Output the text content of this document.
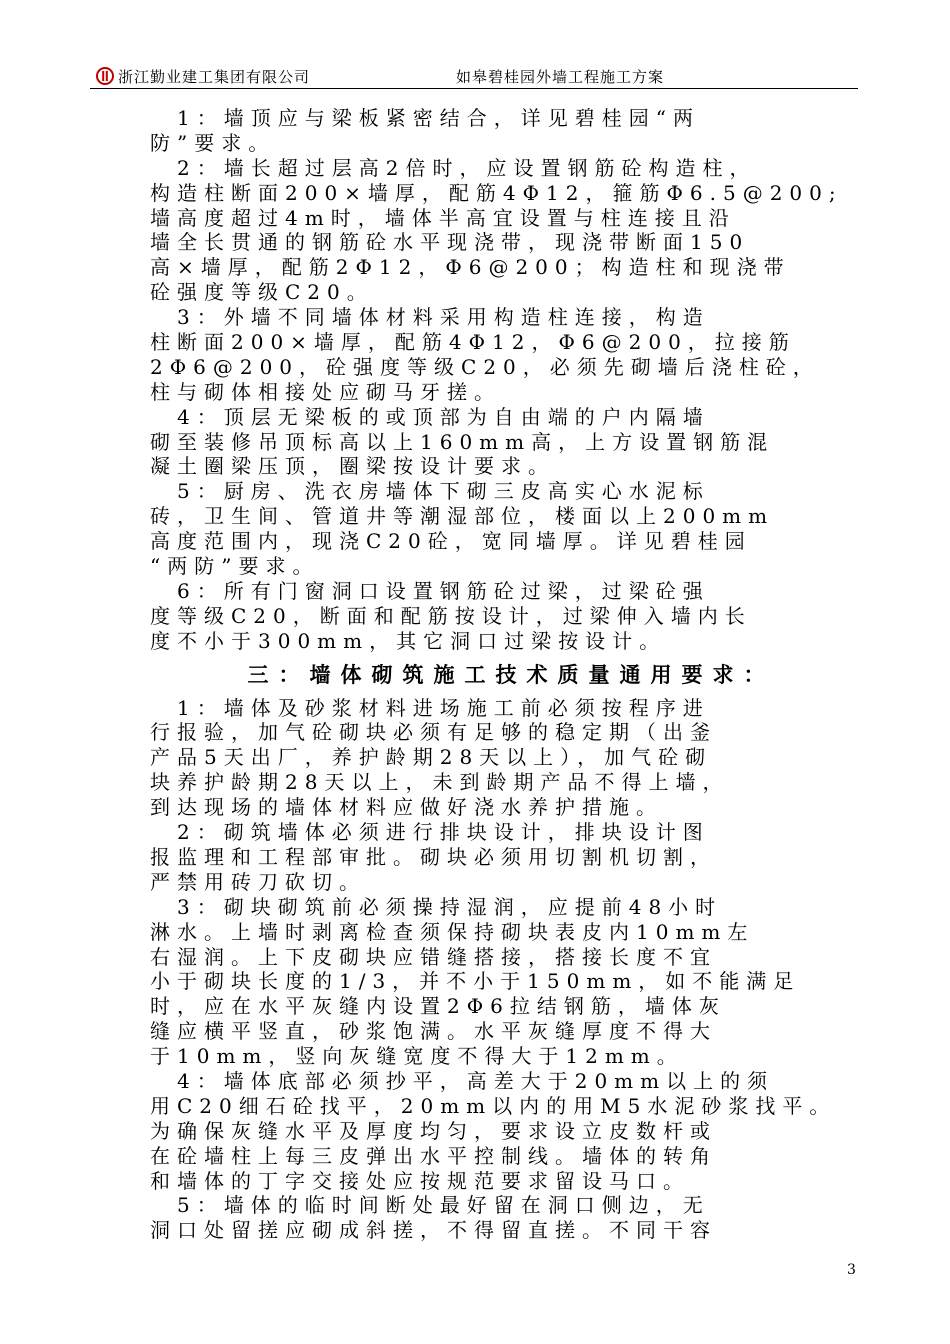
浙江勤业建工集团有限公司	如皋碧桂园外墙工程施工方案
　1：墙顶应与梁板紧密结合，详见碧桂园“两
防”要求。
　2：墙长超过层高2倍时，应设置钢筋砼构造柱，
构造柱断面200×墙厚，配筋4Φ12，箍筋Φ6.5@200;
墙高度超过4m时，墙体半高宜设置与柱连接且沿
墙全长贯通的钢筋砼水平现浇带，现浇带断面150
高×墙厚，配筋2Φ12，Φ6@200；构造柱和现浇带
砼强度等级C20。
　3：外墙不同墙体材料采用构造柱连接，构造
柱断面200×墙厚，配筋4Φ12，Φ6@200，拉接筋
2Φ6@200，砼强度等级C20，必须先砌墙后浇柱砼，
柱与砌体相接处应砌马牙搓。
　4：顶层无梁板的或顶部为自由端的户内隔墙
砌至装修吊顶标高以上160mm高，上方设置钢筋混
凝土圈梁压顶，圈梁按设计要求。
　5：厨房、洗衣房墙体下砌三皮高实心水泥标
砖，卫生间、管道井等潮湿部位，楼面以上200mm
高度范围内，现浇C20砼，宽同墙厚。详见碧桂园
“两防”要求。
　6：所有门窗洞口设置钢筋砼过梁，过梁砼强
度等级C20，断面和配筋按设计，过梁伸入墙内长
度不小于300mm，其它洞口过梁按设计。
三：墙体砌筑施工技术质量通用要求：
　1：墙体及砂浆材料进场施工前必须按程序进
行报验，加气砼砌块必须有足够的稳定期（出釜
产品5天出厂，养护龄期28天以上），加气砼砌
块养护龄期28天以上，未到龄期产品不得上墙，
到达现场的墙体材料应做好浇水养护措施。
　2：砌筑墙体必须进行排块设计，排块设计图
报监理和工程部审批。砌块必须用切割机切割，
严禁用砖刀砍切。
　3：砌块砌筑前必须操持湿润，应提前48小时
淋水。上墙时剥离检查须保持砌块表皮内10mm左
右湿润。上下皮砌块应错缝搭接，搭接长度不宜
小于砌块长度的1/3，并不小于150mm，如不能满足
时，应在水平灰缝内设置2Φ6拉结钢筋，墙体灰
缝应横平竖直，砂浆饱满。水平灰缝厚度不得大
于10mm，竖向灰缝宽度不得大于12mm。
　4：墙体底部必须抄平，高差大于20mm以上的须
用C20细石砼找平，20mm以内的用M5水泥砂浆找平。
为确保灰缝水平及厚度均匀，要求设立皮数杆或
在砼墙柱上每三皮弹出水平控制线。墙体的转角
和墙体的丁字交接处应按规范要求留设马口。
　5：墙体的临时间断处最好留在洞口侧边，无
洞口处留搓应砌成斜搓，不得留直搓。不同干容
3
